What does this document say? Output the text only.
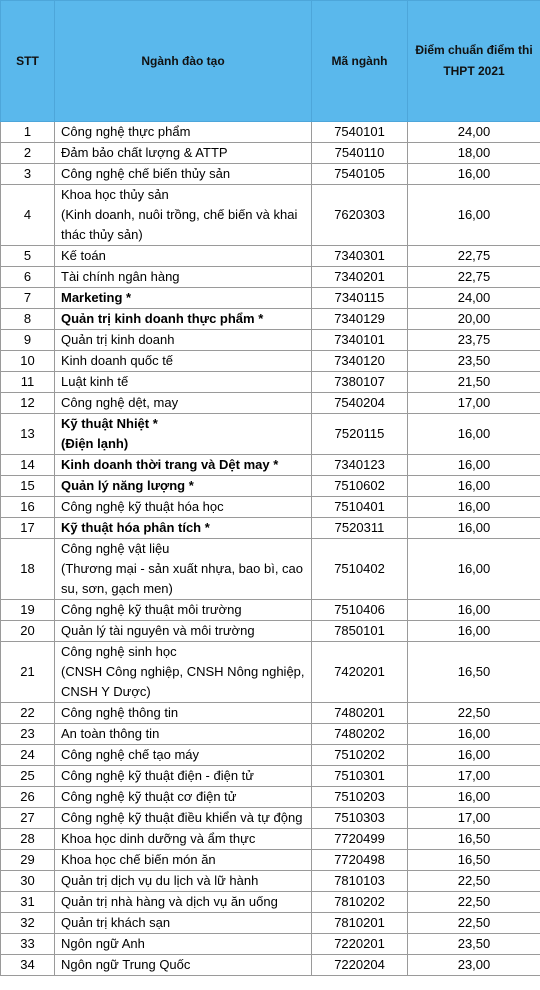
STT	Ngành đào tạo	Mã ngành	Điểm chuẩn điểm thi
THPT 2021
1	Công nghệ thực phẩm	7540101	24,00
2	Đảm bảo chất lượng & ATTP	7540110	18,00
3	Công nghệ chế biến thủy sản	7540105	16,00
4	Khoa học thủy sản
(Kinh doanh, nuôi trồng, chế biến và khai
thác thủy sản)	7620303	16,00
5	Kế toán	7340301	22,75
6	Tài chính ngân hàng	7340201	22,75
7	Marketing *	7340115	24,00
8	Quản trị kinh doanh thực phẩm *	7340129	20,00
9	Quản trị kinh doanh	7340101	23,75
10	Kinh doanh quốc tế	7340120	23,50
11	Luật kinh tế	7380107	21,50
12	Công nghệ dệt, may	7540204	17,00
13	Kỹ thuật Nhiệt *
(Điện lạnh)	7520115	16,00
14	Kinh doanh thời trang và Dệt may *	7340123	16,00
15	Quản lý năng lượng *	7510602	16,00
16	Công nghệ kỹ thuật hóa học	7510401	16,00
17	Kỹ thuật hóa phân tích *	7520311	16,00
18	Công nghệ vật liệu
(Thương mại - sản xuất nhựa, bao bì, cao
su, sơn, gạch men)	7510402	16,00
19	Công nghệ kỹ thuật môi trường	7510406	16,00
20	Quản lý tài nguyên và môi trường	7850101	16,00
21	Công nghệ sinh học
(CNSH Công nghiệp, CNSH Nông nghiệp,
CNSH Y Dược)	7420201	16,50
22	Công nghệ thông tin	7480201	22,50
23	An toàn thông tin	7480202	16,00
24	Công nghệ chế tạo máy	7510202	16,00
25	Công nghệ kỹ thuật điện - điện tử	7510301	17,00
26	Công nghệ kỹ thuật cơ điện tử	7510203	16,00
27	Công nghệ kỹ thuật điều khiển và tự động	7510303	17,00
28	Khoa học dinh dưỡng và ẩm thực	7720499	16,50
29	Khoa học chế biến món ăn	7720498	16,50
30	Quản trị dịch vụ du lịch và lữ hành	7810103	22,50
31	Quản trị nhà hàng và dịch vụ ăn uống	7810202	22,50
32	Quản trị khách sạn	7810201	22,50
33	Ngôn ngữ Anh	7220201	23,50
34	Ngôn ngữ Trung Quốc	7220204	23,00
